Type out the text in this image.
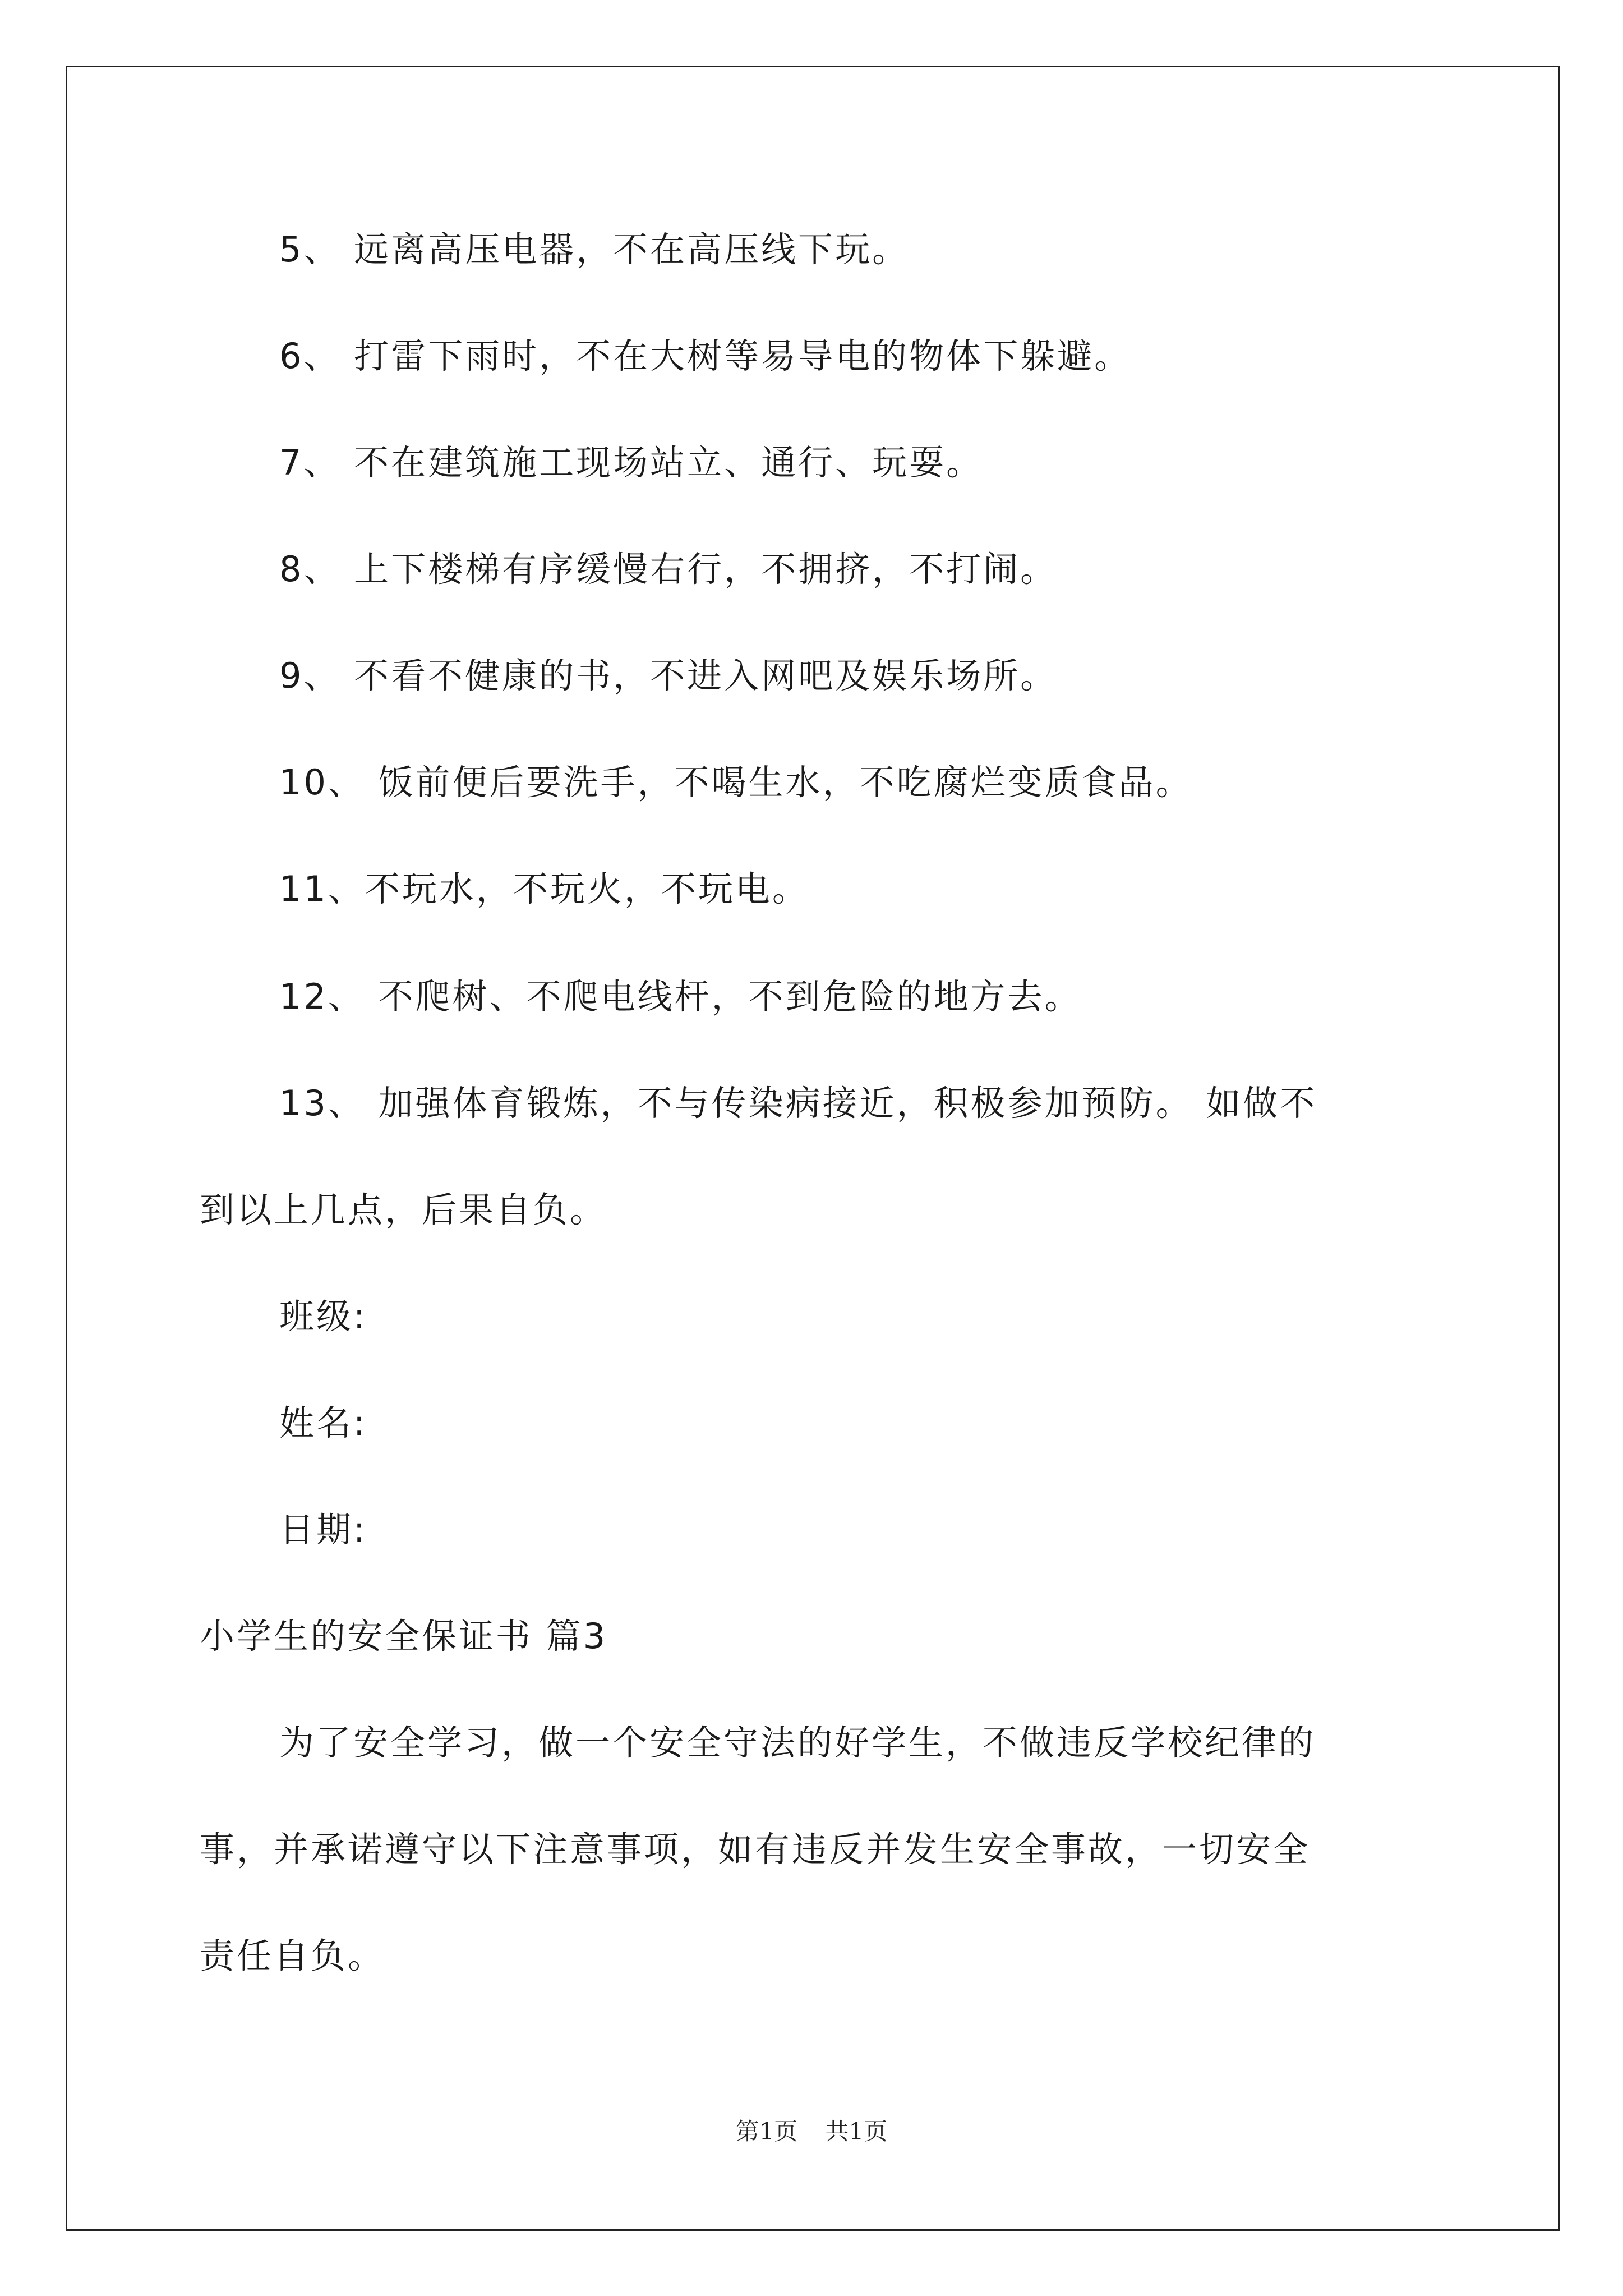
5、 远离高压电器，不在高压线下玩。
6、 打雷下雨时，不在大树等易导电的物体下躲避。
7、 不在建筑施工现场站立、通行、玩耍。
8、 上下楼梯有序缓慢右行，不拥挤，不打闹。
9、 不看不健康的书，不进入网吧及娱乐场所。
10、 饭前便后要洗手，不喝生水，不吃腐烂变质食品。
11、不玩水，不玩火，不玩电。
12、 不爬树、不爬电线杆，不到危险的地方去。
13、 加强体育锻炼，不与传染病接近，积极参加预防。 如做不
到以上几点，后果自负。
班级:
姓名:
日期:
小学生的安全保证书 篇3
为了安全学习，做一个安全守法的好学生，不做违反学校纪律的
事，并承诺遵守以下注意事项，如有违反并发生安全事故，一切安全
责任自负。
第1页 共1页
